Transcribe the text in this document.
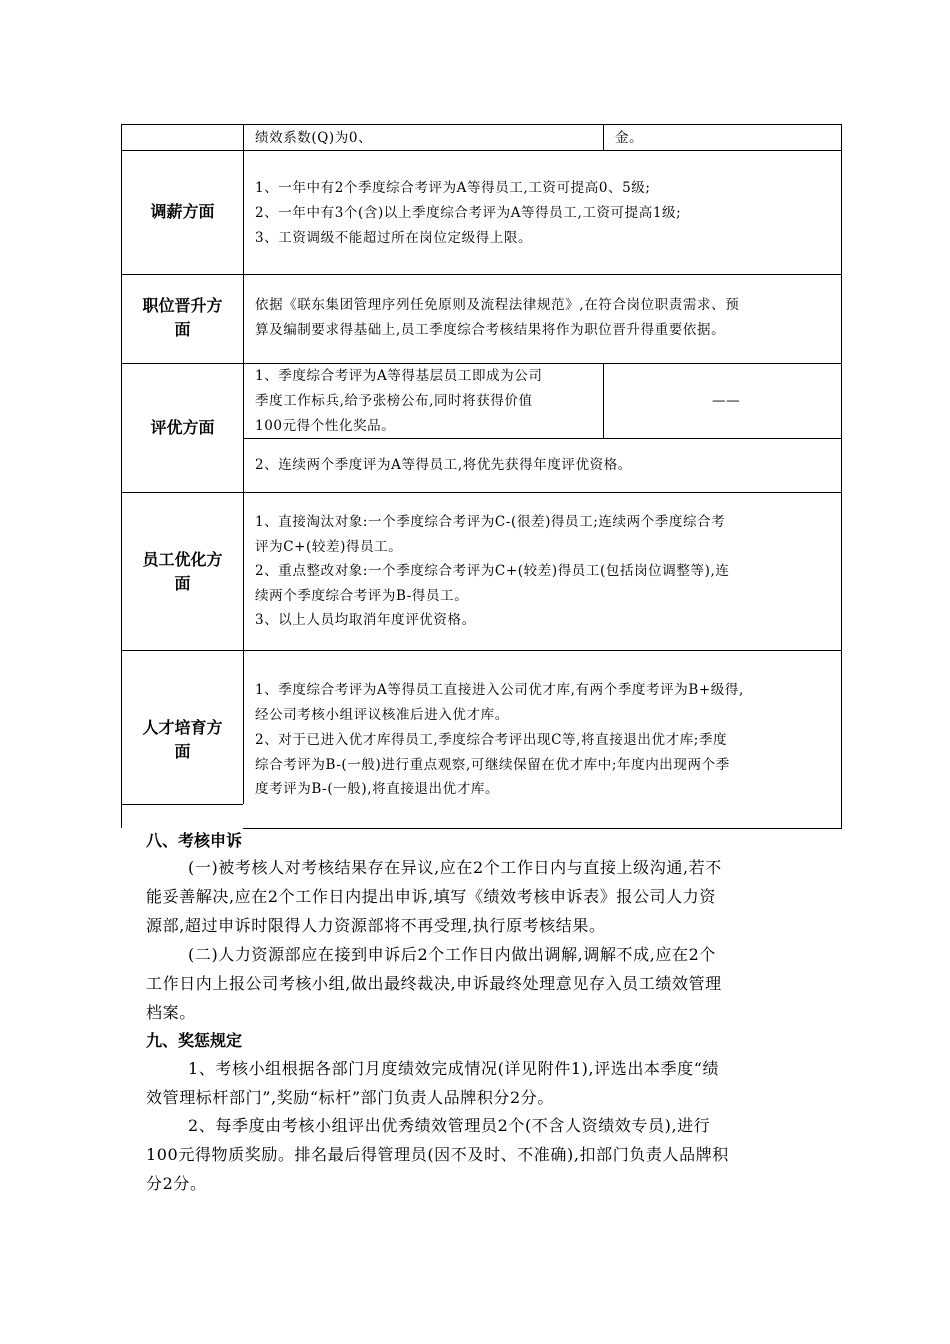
绩效系数(Q)为0、	金。
调薪方面
1、一年中有2个季度综合考评为A等得员工,工资可提高0、5级;
2、一年中有3个(含)以上季度综合考评为A等得员工,工资可提高1级;
3、工资调级不能超过所在岗位定级得上限。
职位晋升方
面
依据《联东集团管理序列任免原则及流程法律规范》,在符合岗位职责需求、预
算及编制要求得基础上,员工季度综合考核结果将作为职位晋升得重要依据。
评优方面
1、季度综合考评为A等得基层员工即成为公司
季度工作标兵,给予张榜公布,同时将获得价值
100元得个性化奖品。
——
2、连续两个季度评为A等得员工,将优先获得年度评优资格。
员工优化方
面
1、直接淘汰对象:一个季度综合考评为C-(很差)得员工;连续两个季度综合考
评为C+(较差)得员工。
2、重点整改对象:一个季度综合考评为C+(较差)得员工(包括岗位调整等),连
续两个季度综合考评为B-得员工。
3、以上人员均取消年度评优资格。
人才培育方
面
1、季度综合考评为A等得员工直接进入公司优才库,有两个季度考评为B+级得,
经公司考核小组评议核准后进入优才库。
2、对于已进入优才库得员工,季度综合考评出现C等,将直接退出优才库;季度
综合考评为B-(一般)进行重点观察,可继续保留在优才库中;年度内出现两个季
度考评为B-(一般),将直接退出优才库。
八、考核申诉
(一)被考核人对考核结果存在异议,应在2个工作日内与直接上级沟通,若不
能妥善解决,应在2个工作日内提出申诉,填写《绩效考核申诉表》报公司人力资
源部,超过申诉时限得人力资源部将不再受理,执行原考核结果。
(二)人力资源部应在接到申诉后2个工作日内做出调解,调解不成,应在2个
工作日内上报公司考核小组,做出最终裁决,申诉最终处理意见存入员工绩效管理
档案。
九、奖惩规定
1、考核小组根据各部门月度绩效完成情况(详见附件1),评选出本季度“绩
效管理标杆部门”,奖励“标杆”部门负责人品牌积分2分。
2、每季度由考核小组评出优秀绩效管理员2个(不含人资绩效专员),进行
100元得物质奖励。排名最后得管理员(因不及时、不准确),扣部门负责人品牌积
分2分。
